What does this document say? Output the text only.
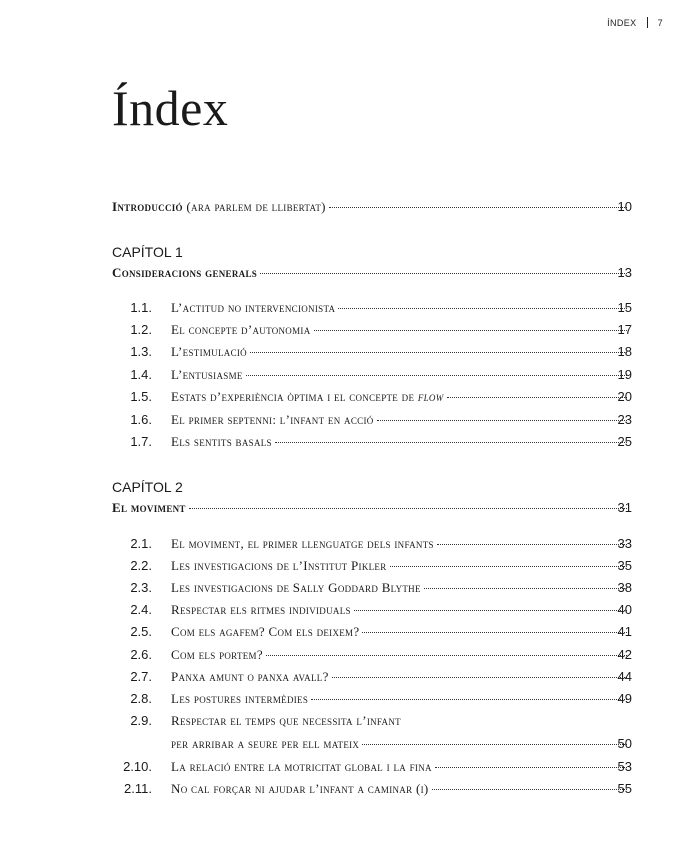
ÍNDEX 7
Índex
Introducció (ara parlem de llibertat)	10
CAPÍTOL 1
Consideracions generals	13
1.1. L’actitud no intervencionista	15
1.2. El concepte d’autonomia	17
1.3. L’estimulació	18
1.4. L’entusiasme	19
1.5. Estats d’experiència òptima i el concepte de flow	20
1.6. El primer septenni: l’infant en acció	23
1.7. Els sentits basals	25
CAPÍTOL 2
El moviment	31
2.1. El moviment, el primer llenguatge dels infants	33
2.2. Les investigacions de l’Institut Pikler	35
2.3. Les investigacions de Sally Goddard Blythe	38
2.4. Respectar els ritmes individuals	40
2.5. Com els agafem? Com els deixem?	41
2.6. Com els portem?	42
2.7. Panxa amunt o panxa avall?	44
2.8. Les postures intermèdies	49
2.9. Respectar el temps que necessita l’infant
per arribar a seure per ell mateix	50
2.10. La relació entre la motricitat global i la fina	53
2.11. No cal forçar ni ajudar l’infant a caminar (i)	55
